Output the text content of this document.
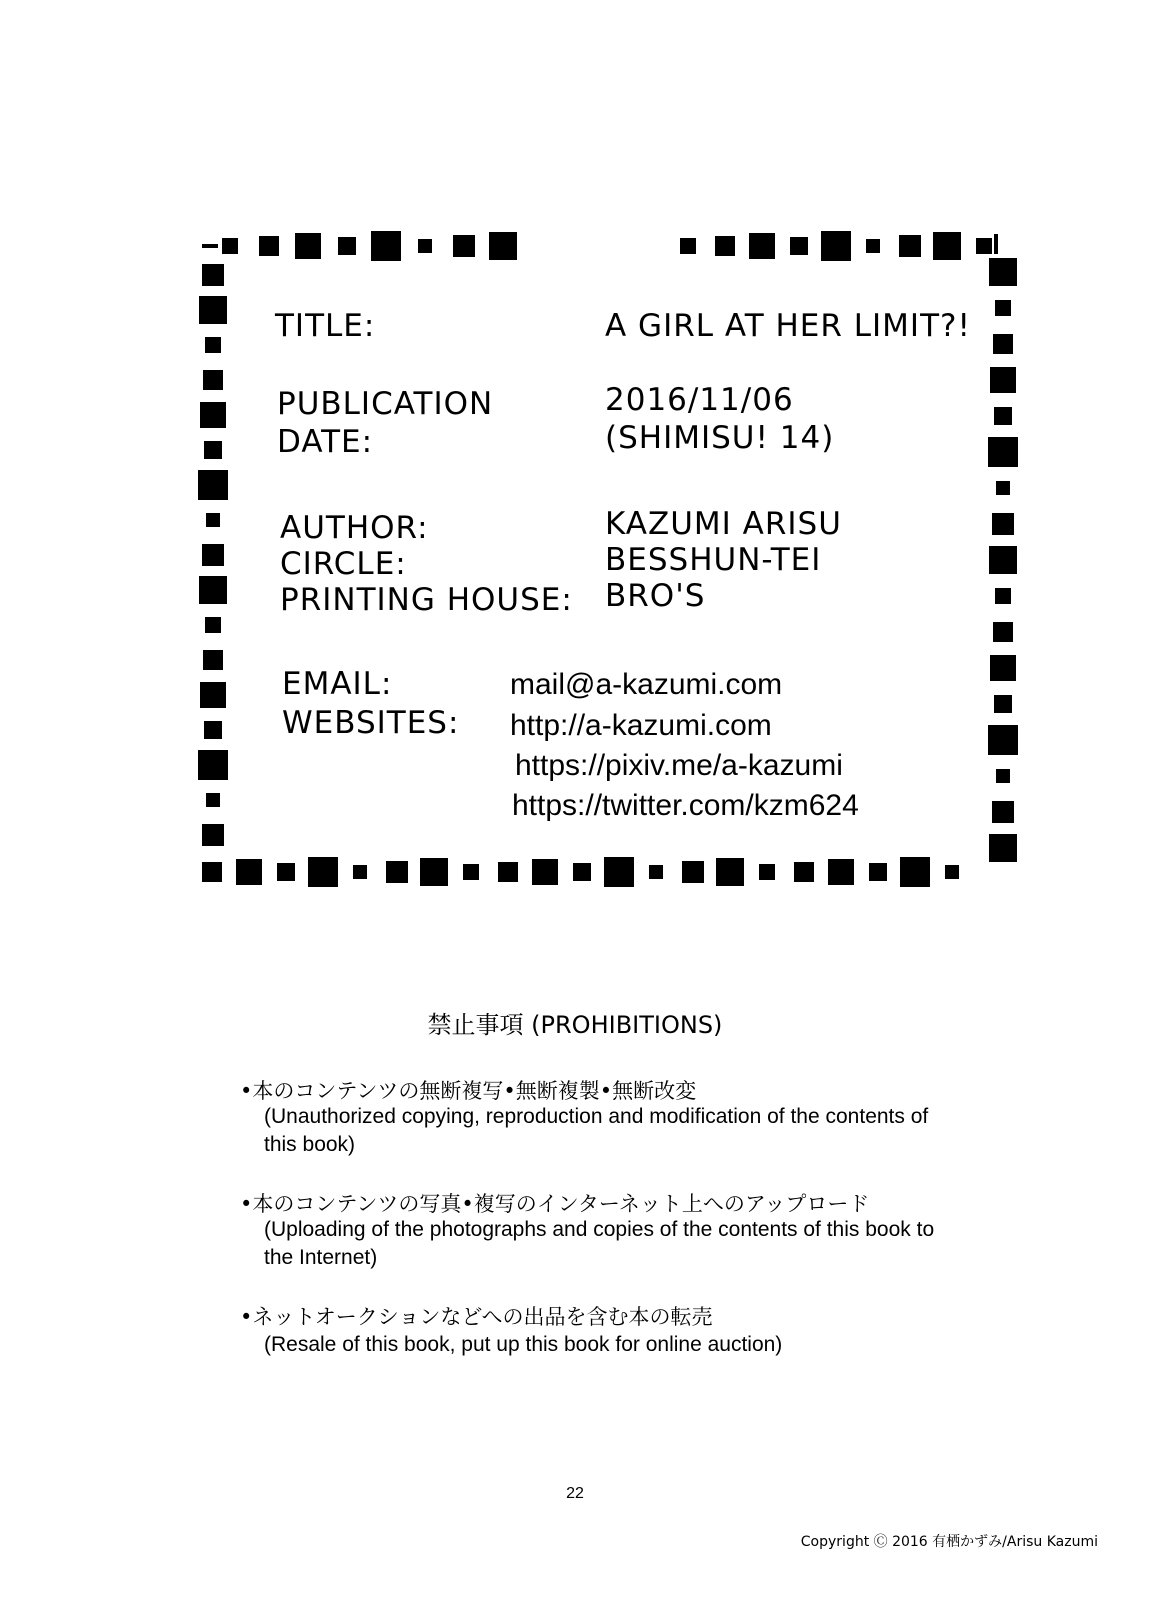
TITLE:	A GIRL AT HER LIMIT?!
PUBLICATION
DATE:
2016/11/06
(SHIMISU! 14)
AUTHOR:	KAZUMI ARISU
CIRCLE:	BESSHUN-TEI
PRINTING HOUSE: BRO'S
EMAIL:	mail@a-kazumi.com
WEBSITES: http://a-kazumi.com
https://pixiv.me/a-kazumi
https://twitter.com/kzm624
禁止事項 (PROHIBITIONS)
•本のコンテンツの無断複写•無断複製•無断改変
(Unauthorized copying, reproduction and modification of the contents of this book)
•本のコンテンツの写真•複写のインターネット上へのアップロード
(Uploading of the photographs and copies of the contents of this book to the Internet)
•ネットオークションなどへの出品を含む本の転売
(Resale of this book, put up this book for online auction)
22
Copyright Ⓒ 2016 有栖かずみ/Arisu Kazumi
